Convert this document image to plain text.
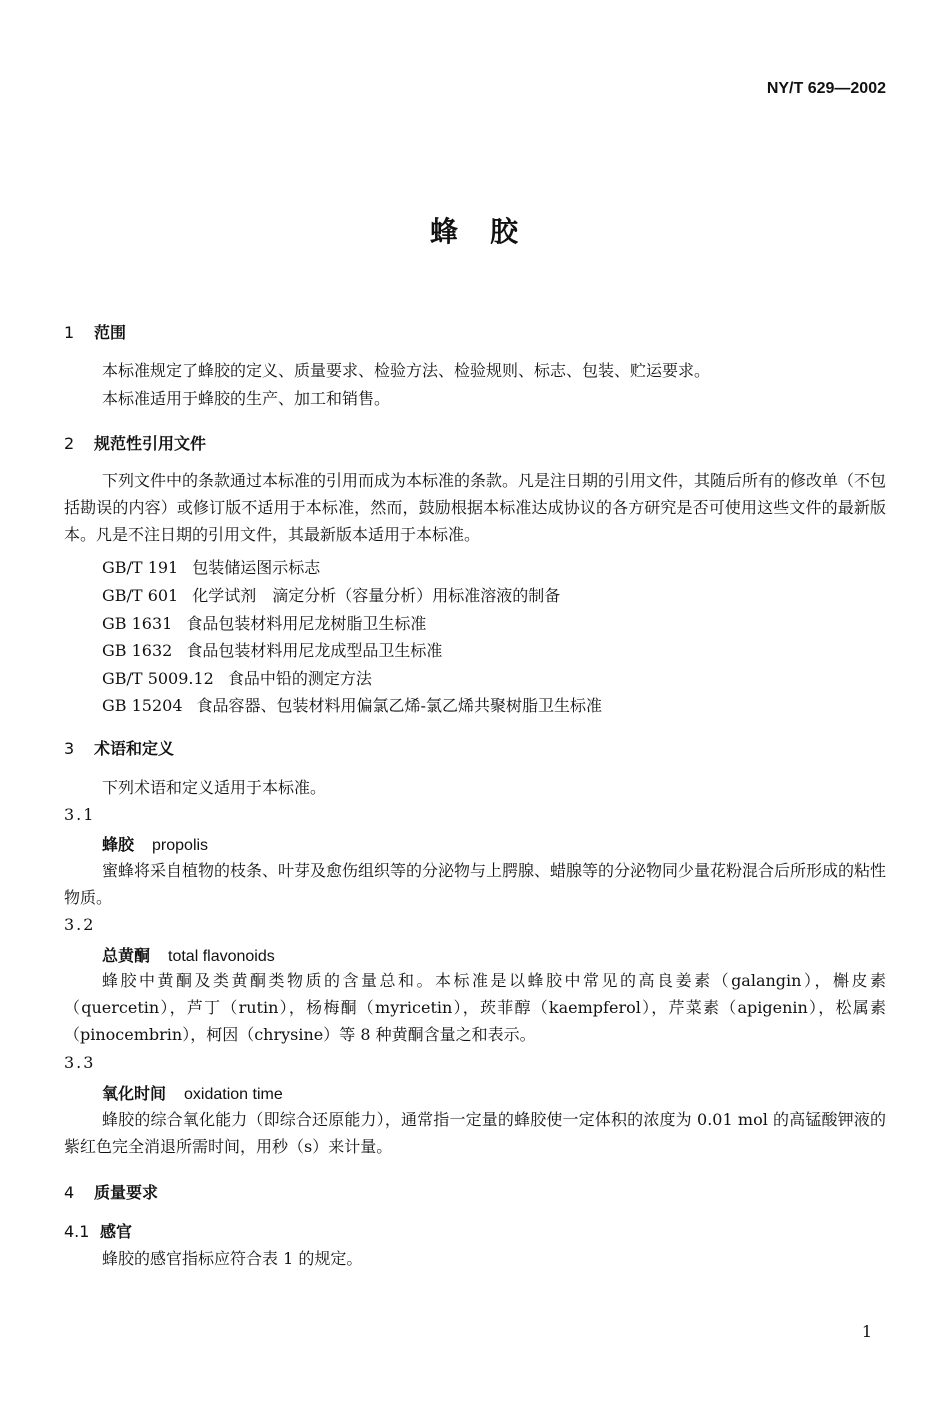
NY/T 629—2002
蜂　胶
1 范围

本标准规定了蜂胶的定义、质量要求、检验方法、检验规则、标志、包装、贮运要求。

本标准适用于蜂胶的生产、加工和销售。

2 规范性引用文件

下列文件中的条款通过本标准的引用而成为本标准的条款。凡是注日期的引用文件，其随后所有的修改单（不包括勘误的内容）或修订版不适用于本标准，然而，鼓励根据本标准达成协议的各方研究是否可使用这些文件的最新版本。凡是不注日期的引用文件，其最新版本适用于本标准。

GB/T 191 包装储运图示标志
GB/T 601 化学试剂　滴定分析（容量分析）用标准溶液的制备
GB 1631 食品包装材料用尼龙树脂卫生标准
GB 1632 食品包装材料用尼龙成型品卫生标准
GB/T 5009.12 食品中铅的测定方法
GB 15204 食品容器、包装材料用偏氯乙烯-氯乙烯共聚树脂卫生标准
3 术语和定义

下列术语和定义适用于本标准。

3.1
蜂胶 propolis

蜜蜂将采自植物的枝条、叶芽及愈伤组织等的分泌物与上腭腺、蜡腺等的分泌物同少量花粉混合后所形成的粘性物质。

3.2
总黄酮 total flavonoids

蜂胶中黄酮及类黄酮类物质的含量总和。本标准是以蜂胶中常见的高良姜素（galangin），槲皮素（quercetin），芦丁（rutin），杨梅酮（myricetin），莰菲醇（kaempferol），芹菜素（apigenin），松属素（pinocembrin），柯因（chrysine）等 8 种黄酮含量之和表示。

3.3
氧化时间 oxidation time

蜂胶的综合氧化能力（即综合还原能力），通常指一定量的蜂胶使一定体积的浓度为 0.01 mol 的高锰酸钾液的紫红色完全消退所需时间，用秒（s）来计量。

4 质量要求
4.1 感官

蜂胶的感官指标应符合表 1 的规定。

1
